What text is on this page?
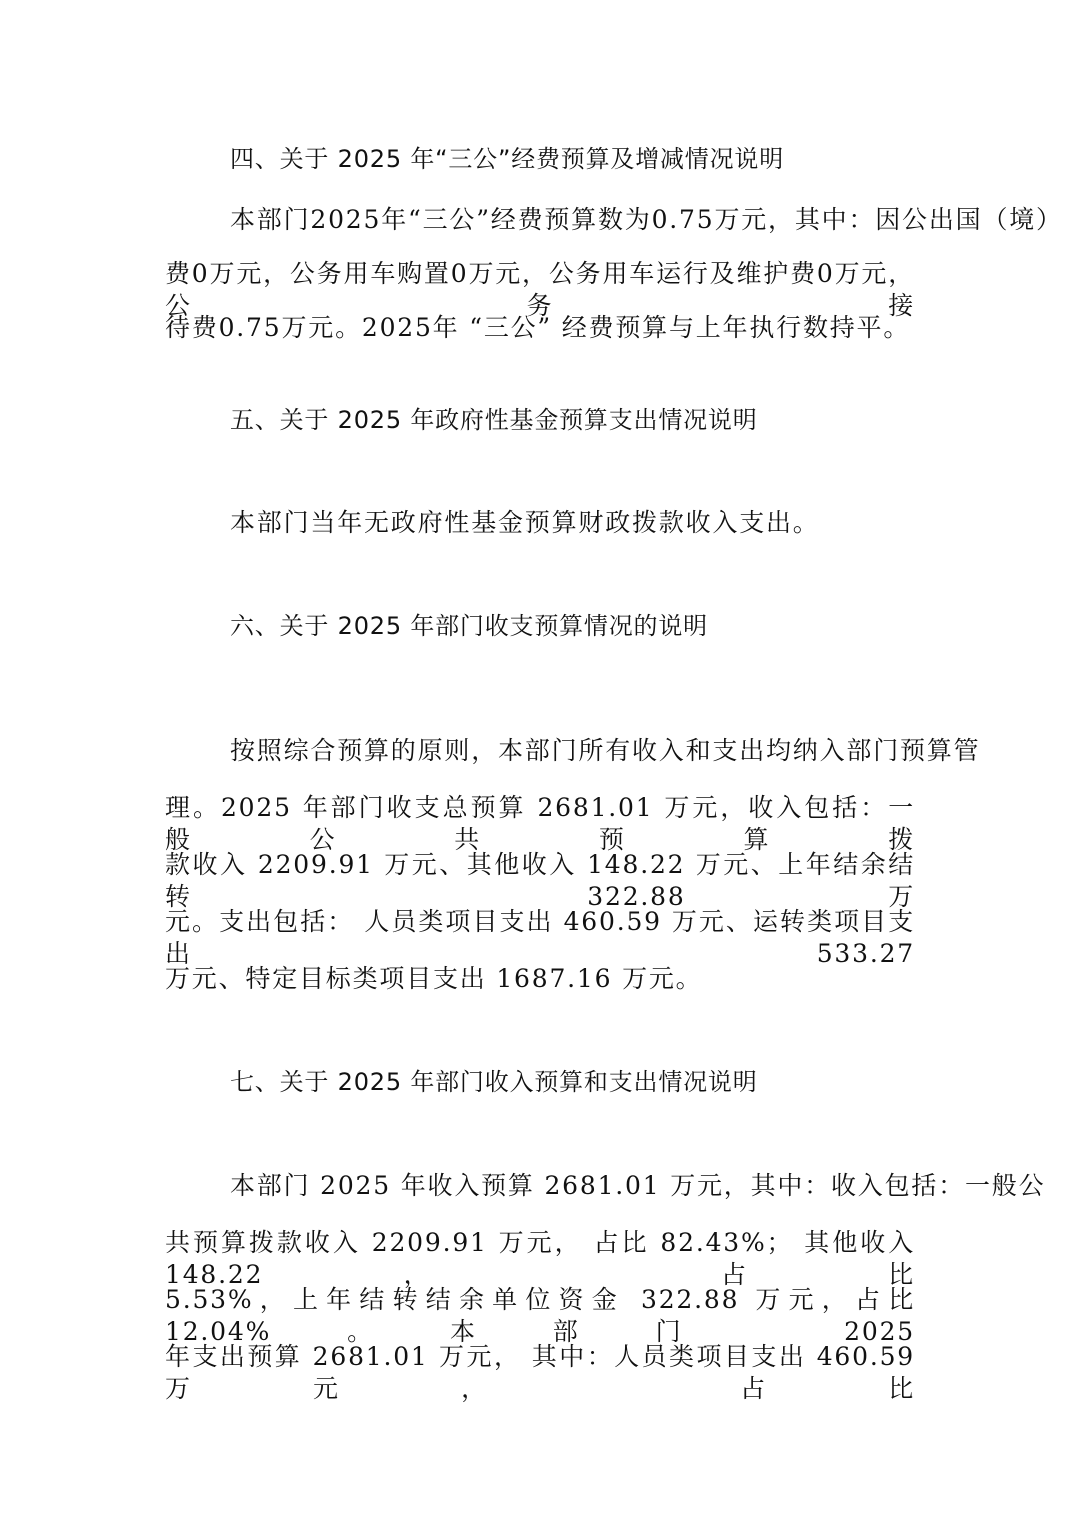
四、关于 2025 年“三公”经费预算及增减情况说明
本部门2025年“三公”经费预算数为0.75万元，其中：因公出国（境）
费0万元，公务用车购置0万元，公务用车运行及维护费0万元，公务接
待费0.75万元。2025年 “三公” 经费预算与上年执行数持平。
五、关于 2025 年政府性基金预算支出情况说明
本部门当年无政府性基金预算财政拨款收入支出。
六、关于 2025 年部门收支预算情况的说明
按照综合预算的原则，本部门所有收入和支出均纳入部门预算管
理。2025 年部门收支总预算 2681.01 万元，收入包括：一般公共预算拨
款收入 2209.91 万元、其他收入 148.22 万元、上年结余结转 322.88 万
元。支出包括： 人员类项目支出 460.59 万元、运转类项目支出 533.27
万元、特定目标类项目支出 1687.16 万元。
七、关于 2025 年部门收入预算和支出情况说明
本部门 2025 年收入预算 2681.01 万元，其中：收入包括：一般公
共预算拨款收入 2209.91 万元， 占比 82.43%； 其他收入 148.22， 占比
5.53%，上年结转结余单位资金 322.88 万元，占比 12.04%。本部门 2025
年支出预算 2681.01 万元， 其中：人员类项目支出 460.59 万元， 占比
